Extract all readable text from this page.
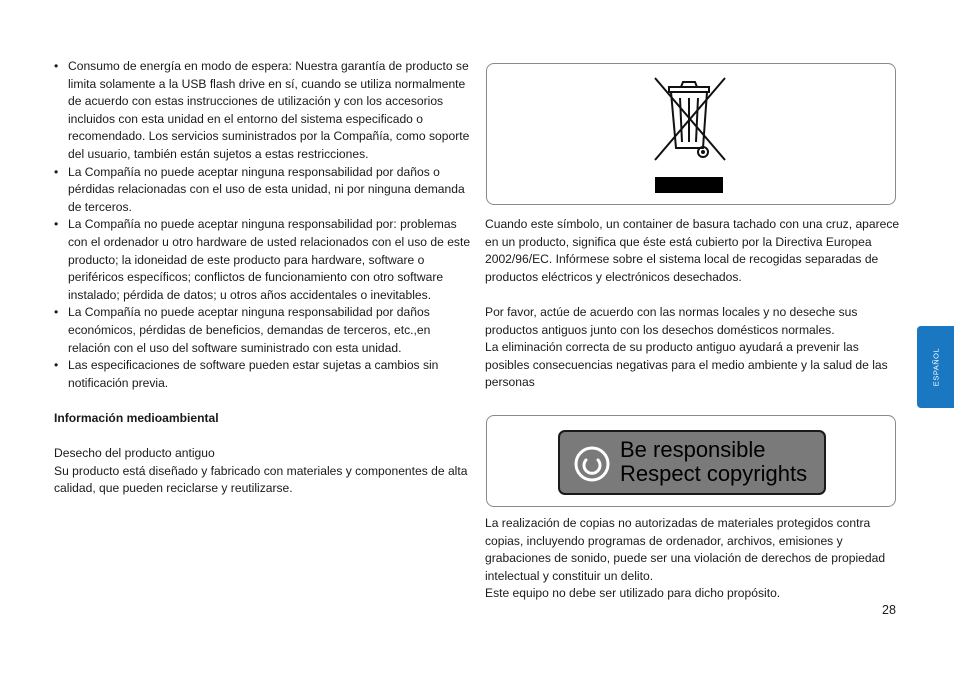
• Consumo de energía en modo de espera: Nuestra garantía de producto se limita solamente a la USB flash drive en sí, cuando se utiliza normalmente de acuerdo con estas instrucciones de utilización y con los accesorios incluidos con esta unidad en el entorno del sistema especificado o recomendado. Los servicios suministrados por la Compañía, como soporte del usuario, también están sujetos a estas restricciones.
• La Compañía no puede aceptar ninguna responsabilidad por daños o pérdidas relacionadas con el uso de esta unidad, ni por ninguna demanda de terceros.
• La Compañía no puede aceptar ninguna responsabilidad por: problemas con el ordenador u otro hardware de usted relacionados con el uso de este producto; la idoneidad de este producto para hardware, software o periféricos específicos; conflictos de funcionamiento con otro software instalado; pérdida de datos; u otros años accidentales o inevitables.
• La Compañía no puede aceptar ninguna responsabilidad por daños económicos, pérdidas de beneficios, demandas de terceros, etc.,en relación con el uso del software suministrado con esta unidad.
• Las especificaciones de software pueden estar sujetas a cambios sin notificación previa.
Información medioambiental
Desecho del producto antiguo
Su producto está diseñado y fabricado con materiales y componentes de alta calidad, que pueden reciclarse y reutilizarse.

Cuando este símbolo, un container de basura tachado con una cruz, aparece en un producto, significa que éste está cubierto por la Directiva Europea 2002/96/EC. Infórmese sobre el sistema local de recogidas separadas de productos eléctricos y electrónicos desechados.

Por favor, actúe de acuerdo con las normas locales y no deseche sus productos antiguos junto con los desechos domésticos normales.

La eliminación correcta de su producto antiguo ayudará a prevenir las posibles consecuencias negativas para el medio ambiente y la salud de las personas

Be responsible
Respect copyrights

La realización de copias no autorizadas de materiales protegidos contra copias, incluyendo programas de ordenador, archivos, emisiones y grabaciones de sonido, puede ser una violación de derechos de propiedad intelectual y constituir un delito.

Este equipo no debe ser utilizado para dicho propósito.

ESPAÑOL
28
